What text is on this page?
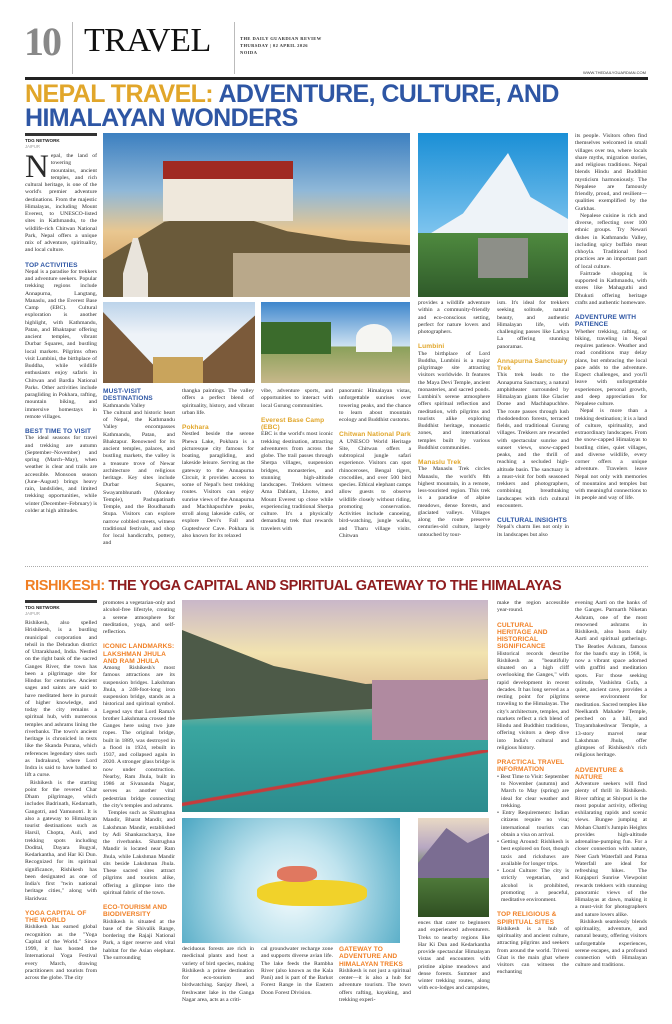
10 TRAVEL	THE DAILY GUARDIAN REVIEW
THURSDAY | 02 APRIL 2026
NOIDA
WWW.THEDAILYGUARDIAN.COM
NEPAL TRAVEL: ADVENTURE, CULTURE, AND HIMALAYAN WONDERS
RISHIKESH: THE YOGA CAPITAL AND SPIRITUAL GATEWAY TO THE HIMALAYAS
TDG NETWORK
JAIPUR

Nepal, the land of towering mountains, ancient temples, and rich cultural heritage, is one of the world's premier adventure destinations. From the majestic Himalayas, including Mount Everest, to UNESCO-listed sites in Kathmandu, to the wildlife-rich Chitwan National Park, Nepal offers a unique mix of adventure, spirituality, and local culture.

TOP ACTIVITIES

Nepal is a paradise for trekkers and adventure seekers. Popular trekking regions include Annapurna, Langtang, Manaslu, and the Everest Base Camp (EBC). Cultural exploration is another highlight, with Kathmandu, Patan, and Bhaktapur offering ancient temples, vibrant Durbar Squares, and bustling local markets. Pilgrims often visit Lumbini, the birthplace of Buddha, while wildlife enthusiasts enjoy safaris in Chitwan and Bardia National Parks. Other activities include paragliding in Pokhara, rafting, mountain biking, and immersive homestays in remote villages.

BEST TIME TO VISIT

The ideal seasons for travel and trekking are autumn (September–November) and spring (March–May), when weather is clear and trails are accessible. Monsoon season (June–August) brings heavy rain, landslides, and limited trekking opportunities, while winter (December–February) is colder at high altitudes.

MUST-VISIT DESTINATIONS
Kathmandu Valley

The cultural and historic heart of Nepal, the Kathmandu Valley encompasses Kathmandu, Patan, and Bhaktapur. Renowned for its ancient temples, palaces, and bustling markets, the valley is a treasure trove of Newar architecture and religious heritage. Key sites include Durbar Squares, Swayambhunath (Monkey Temple), Pashupatinath Temple, and the Boudhanath Stupa. Visitors can explore narrow cobbled streets, witness traditional festivals, and shop for local handicrafts, pottery, and

thangka paintings. The valley offers a perfect blend of spirituality, history, and vibrant urban life.

Pokhara

Nestled beside the serene Phewa Lake, Pokhara is a picturesque city famous for boating, paragliding, and lakeside leisure. Serving as the gateway to the Annapurna Circuit, it provides access to some of Nepal's best trekking routes. Visitors can enjoy sunrise views of the Annapurna and Machhapuchhre peaks, stroll along lakeside cafés, or explore Devi's Fall and Gupteshwor Cave. Pokhara is also known for its relaxed

vibe, adventure sports, and opportunities to interact with local Gurung communities.

Everest Base Camp (EBC)

EBC is the world's most iconic trekking destination, attracting adventurers from across the globe. The trail passes through Sherpa villages, suspension bridges, monasteries, and stunning high-altitude landscapes. Trekkers witness Ama Dablam, Lhotse, and Mount Everest up close while experiencing traditional Sherpa culture. It's a physically demanding trek that rewards travelers with

panoramic Himalayan vistas, unforgettable sunrises over towering peaks, and the chance to learn about mountain ecology and Buddhist customs.

Chitwan National Park

A UNESCO World Heritage Site, Chitwan offers a subtropical jungle safari experience. Visitors can spot rhinoceroses, Bengal tigers, crocodiles, and over 500 bird species. Ethical elephant camps allow guests to observe wildlife closely without riding, promoting conservation. Activities include canoeing, bird-watching, jungle walks, and Tharu village visits. Chitwan

provides a wildlife adventure within a community-friendly and eco-conscious setting, perfect for nature lovers and photographers.

Lumbini

The birthplace of Lord Buddha, Lumbini is a major pilgrimage site attracting visitors worldwide. It features the Maya Devi Temple, ancient monasteries, and sacred ponds. Lumbini's serene atmosphere offers spiritual reflection and meditation, with pilgrims and tourists alike exploring Buddhist heritage, monastic zones, and international temples built by various Buddhist communities.

Manaslu Trek

The Manaslu Trek circles Manaslu, the world's 8th highest mountain, in a remote, less-touristed region. This trek is a paradise of alpine meadows, dense forests, and glaciated valleys. Villages along the route preserve centuries-old culture, largely untouched by tour-

ism. It's ideal for trekkers seeking solitude, natural beauty, and authentic Himalayan life, with challenging passes like Larkya La offering stunning panoramas.

Annapurna Sanctuary Trek

This trek leads to the Annapurna Sanctuary, a natural amphitheater surrounded by Himalayan giants like Glacier Dome and Machhapuchhre. The route passes through lush rhododendron forests, terraced fields, and traditional Gurung villages. Trekkers are rewarded with spectacular sunrise and sunset views, snow-capped peaks, and the thrill of reaching a secluded high-altitude basin. The sanctuary is a must-visit for both seasoned trekkers and photographers, combining breathtaking landscapes with rich cultural encounters.

CULTURAL INSIGHTS

Nepal's charm lies not only in its landscapes but also

its people. Visitors often find themselves welcomed in small villages over tea, where locals share myths, migration stories, and religious traditions. Nepal blends Hindu and Buddhist mysticism harmoniously. The Nepalese are famously friendly, proud, and resilient—qualities exemplified by the Gurkhas.

Nepalese cuisine is rich and diverse, reflecting over 100 ethnic groups. Try Newari dishes in Kathmandu Valley, including spicy buffalo meat chhoyla. Traditional food practices are an important part of local culture.

Fairtrade shopping is supported in Kathmandu, with stores like Mahaguthi and Dhukuti offering heritage crafts and authentic homeware.

ADVENTURE WITH PATIENCE

Whether trekking, rafting, or biking, traveling in Nepal requires patience. Weather and road conditions may delay plans, but embracing the local pace adds to the adventure. Expect challenges, and you'll leave with unforgettable experiences, personal growth, and deep appreciation for Nepalese culture.

Nepal is more than a trekking destination; it is a land of culture, spirituality, and extraordinary landscapes. From the snow-capped Himalayas to bustling cities, quiet villages, and diverse wildlife, every corner offers a unique adventure. Travelers leave Nepal not only with memories of mountains and temples but with meaningful connections to its people and way of life.

TDG NETWORK
JAIPUR

Rishikesh, also spelled Hrishikesh, is a bustling municipal corporation and tehsil in the Dehradun district of Uttarakhand, India. Nestled on the right bank of the sacred Ganges River, the town has been a pilgrimage site for Hindus for centuries. Ancient sages and saints are said to have meditated here in pursuit of higher knowledge, and today the city remains a spiritual hub, with numerous temples and ashrams lining the riverbanks. The town's ancient heritage is chronicled in texts like the Skanda Purana, which references legendary sites such as Indrakund, where Lord Indra is said to have bathed to lift a curse.

Rishikesh is the starting point for the revered Char Dham pilgrimage, which includes Badrinath, Kedarnath, Gangotri, and Yamunotri. It is also a gateway to Himalayan tourist destinations such as Harsil, Chopta, Auli, and trekking spots including Dodital, Dayara Bugyal, Kedarkantha, and Har Ki Dun. Recognized for its spiritual significance, Rishikesh has been designated as one of India's first "twin national heritage cities," along with Haridwar.

YOGA CAPITAL OF THE WORLD

Rishikesh has earned global recognition as the "Yoga Capital of the World." Since 1999, it has hosted the International Yoga Festival every March, drawing practitioners and tourists from across the globe. The city

promotes a vegetarian-only and alcohol-free lifestyle, creating a serene atmosphere for meditation, yoga, and self-reflection.

ICONIC LANDMARKS: LAKSHMAN JHULA AND RAM JHULA

Among Rishikesh's most famous attractions are its suspension bridges. Lakshman Jhula, a 248-foot-long iron suspension bridge, stands as a historical and spiritual symbol. Legend says that Lord Rama's brother Lakshmana crossed the Ganges here using two jute ropes. The original bridge, built in 1889, was destroyed in a flood in 1924, rebuilt in 1937, and collapsed again in 2020. A stronger glass bridge is now under construction. Nearby, Ram Jhula, built in 1986 at Sivananda Nagar, serves as another vital pedestrian bridge connecting the city's temples and ashrams.

Temples such as Shatrughna Mandir, Bharat Mandir, and Lakshman Mandir, established by Adi Shankaracharya, line the riverbanks. Shatrughna Mandir is located near Ram Jhula, while Lakshman Mandir sits beside Lakshman Jhula. These sacred sites attract pilgrims and tourists alike, offering a glimpse into the spiritual fabric of the town.

ECO-TOURISM AND BIODIVERSITY

Rishikesh is situated at the base of the Shivalik Range, bordering the Rajaji National Park, a tiger reserve and vital habitat for the Asian elephant. The surrounding

deciduous forests are rich in medicinal plants and host a variety of bird species, making Rishikesh a prime destination for eco-tourism and birdwatching. Sanjay Jheel, a freshwater lake in the Ganga Nagar area, acts as a criti-

cal groundwater recharge zone and supports diverse avian life. The lake feeds the Rambha River (also known as the Kala Pani) and is part of the Barkot Forest Range in the Eastern Doon Forest Division.

GATEWAY TO ADVENTURE AND HIMALAYAN TREKS

Rishikesh is not just a spiritual center—it is also a hub for adventure tourism. The town offers rafting, kayaking, and trekking experi-

ences that cater to beginners and experienced adventurers. Treks to nearby regions like Har Ki Dun and Kedarkantha provide spectacular Himalayan vistas and encounters with pristine alpine meadows and dense forests. Summer and winter trekking routes, along with eco-lodges and campsites,

make the region accessible year-round.

CULTURAL HERITAGE AND HISTORICAL SIGNIFICANCE

Historical records describe Rishikesh as "beautifully situated on a high cliff overlooking the Ganges," with rapid development in recent decades. It has long served as a resting point for pilgrims traveling to the Himalayas. The city's architecture, temples, and markets reflect a rich blend of Hindu and Buddhist traditions, offering visitors a deep dive into India's cultural and religious history.

PRACTICAL TRAVEL INFORMATION
• Best Time to Visit: September to November (autumn) and March to May (spring) are ideal for clear weather and trekking.
• Entry Requirements: Indian citizens require no visa; international tourists can obtain a visa on arrival.
• Getting Around: Rishikesh is best explored on foot, though taxis and rickshaws are available for longer trips.
• Local Culture: The city is strictly vegetarian, and alcohol is prohibited, promoting a peaceful, meditative environment.
TOP RELIGIOUS & SPIRITUAL SITES

Rishikesh is a hub of spirituality and ancient culture, attracting pilgrims and seekers from around the world. Triveni Ghat is the main ghat where visitors can witness the enchanting

evening Aarti on the banks of the Ganges. Parmarth Niketan Ashram, one of the most renowned ashrams in Rishikesh, also hosts daily Aarti and spiritual gatherings. The Beatles Ashram, famous for the band's stay in 1968, is now a vibrant space adorned with graffiti and meditation spots. For those seeking solitude, Vashishta Gufa, a quiet, ancient cave, provides a serene environment for meditation. Sacred temples like Neelkanth Mahadev Temple, perched on a hill, and Trayambakeshwar Temple, a 13-story marvel near Lakshman Jhula, offer glimpses of Rishikesh's rich religious heritage.

ADVENTURE & NATURE

Adventure seekers will find plenty of thrill in Rishikesh. River rafting at Shivpuri is the most popular activity, offering exhilarating rapids and scenic views. Bungee jumping at Mohan Chatti's Jumpin Heights provides high-altitude adrenaline-pumping fun. For a closer connection with nature, Neer Garh Waterfall and Patna Waterfall are ideal for refreshing hikes. The Kunjapuri Sunrise Viewpoint rewards trekkers with stunning panoramic views of the Himalayas at dawn, making it a must-visit for photographers and nature lovers alike.

Rishikesh seamlessly blends spirituality, adventure, and natural beauty, offering visitors unforgettable experiences, serene escapes, and a profound connection with Himalayan culture and traditions.
